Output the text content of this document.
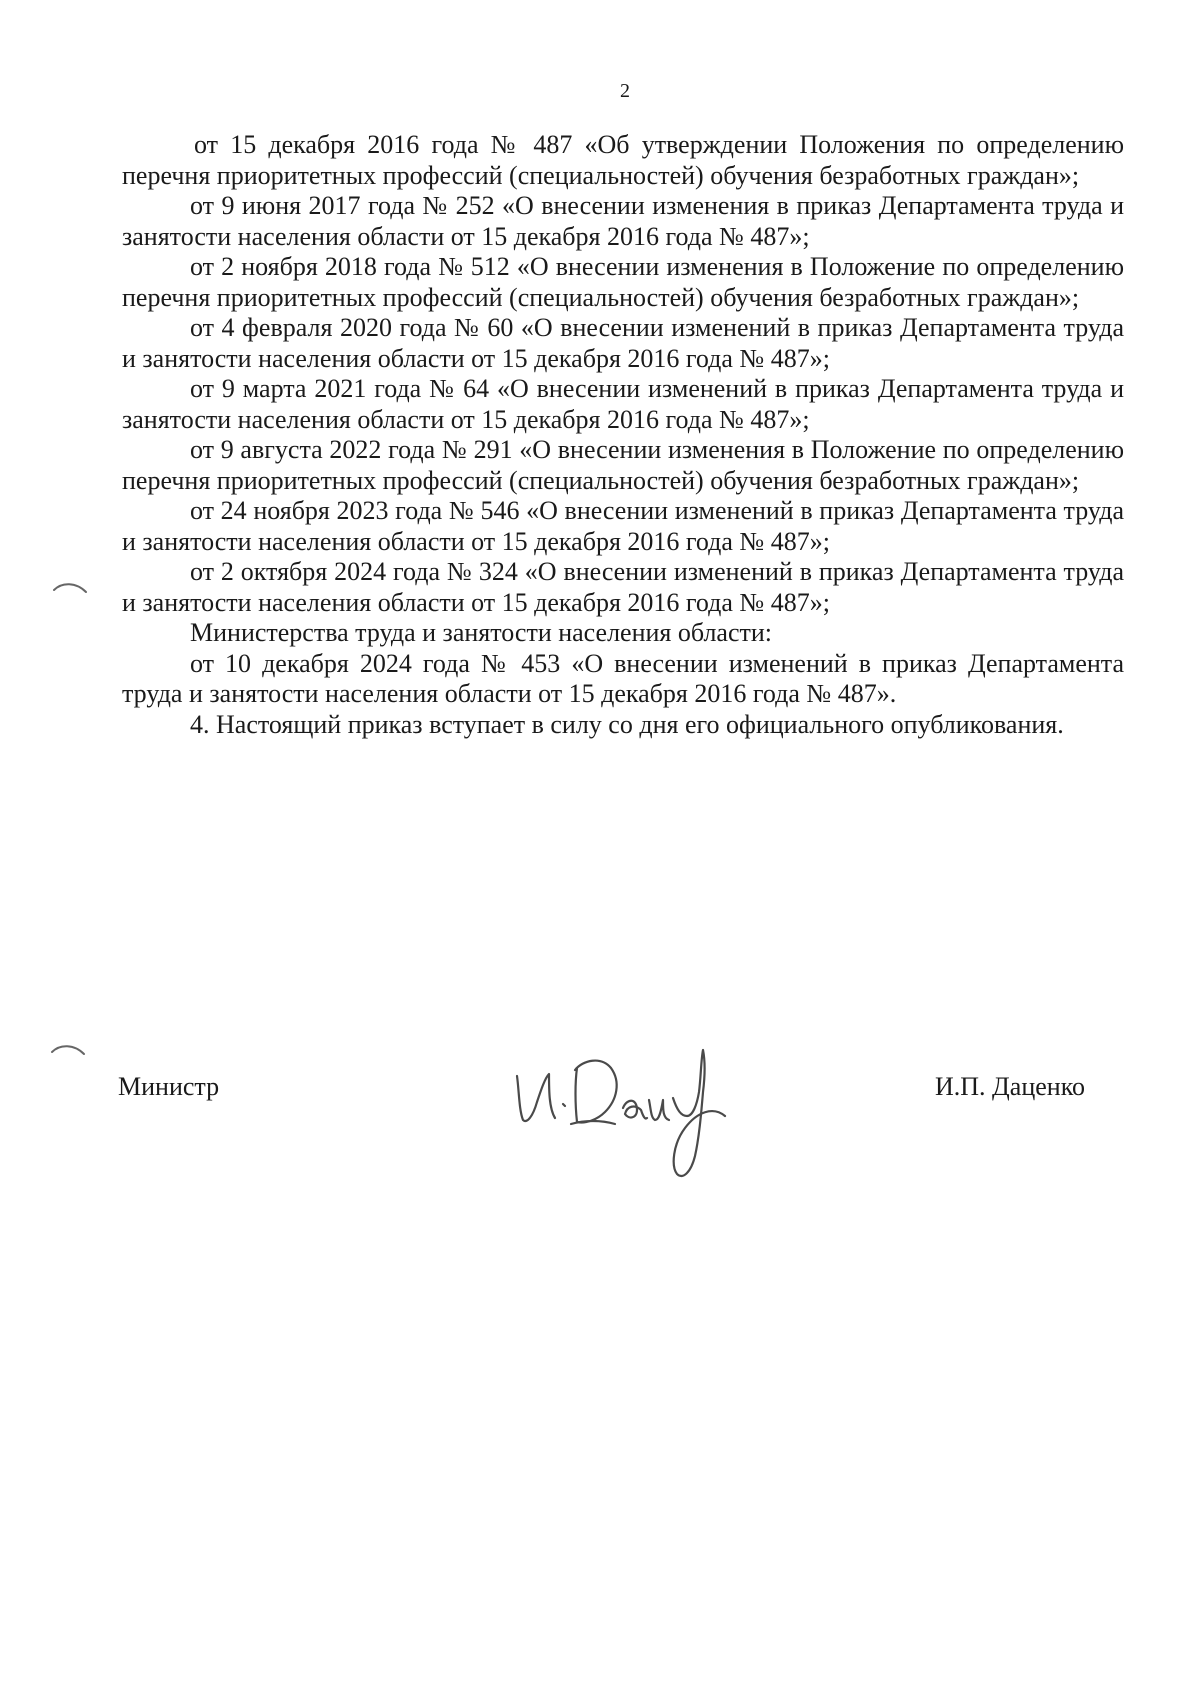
2

от 15 декабря 2016 года № 487 «Об утверждении Положения по определению перечня приоритетных профессий (специальностей) обучения безработных граждан»;

от 9 июня 2017 года № 252 «О внесении изменения в приказ Департамента труда и занятости населения области от 15 декабря 2016 года № 487»;

от 2 ноября 2018 года № 512 «О внесении изменения в Положение по определению перечня приоритетных профессий (специальностей) обучения безработных граждан»;

от 4 февраля 2020 года № 60 «О внесении изменений в приказ Департамента труда и занятости населения области от 15 декабря 2016 года № 487»;

от 9 марта 2021 года № 64 «О внесении изменений в приказ Департамента труда и занятости населения области от 15 декабря 2016 года № 487»;

от 9 августа 2022 года № 291 «О внесении изменения в Положение по определению перечня приоритетных профессий (специальностей) обучения безработных граждан»;

от 24 ноября 2023 года № 546 «О внесении изменений в приказ Департамента труда и занятости населения области от 15 декабря 2016 года № 487»;

от 2 октября 2024 года № 324 «О внесении изменений в приказ Департамента труда и занятости населения области от 15 декабря 2016 года № 487»;

Министерства труда и занятости населения области:

от 10 декабря 2024 года № 453 «О внесении изменений в приказ Департамента труда и занятости населения области от 15 декабря 2016 года № 487».

4. Настоящий приказ вступает в силу со дня его официального опубликования.

Министр	И.П. Даценко
